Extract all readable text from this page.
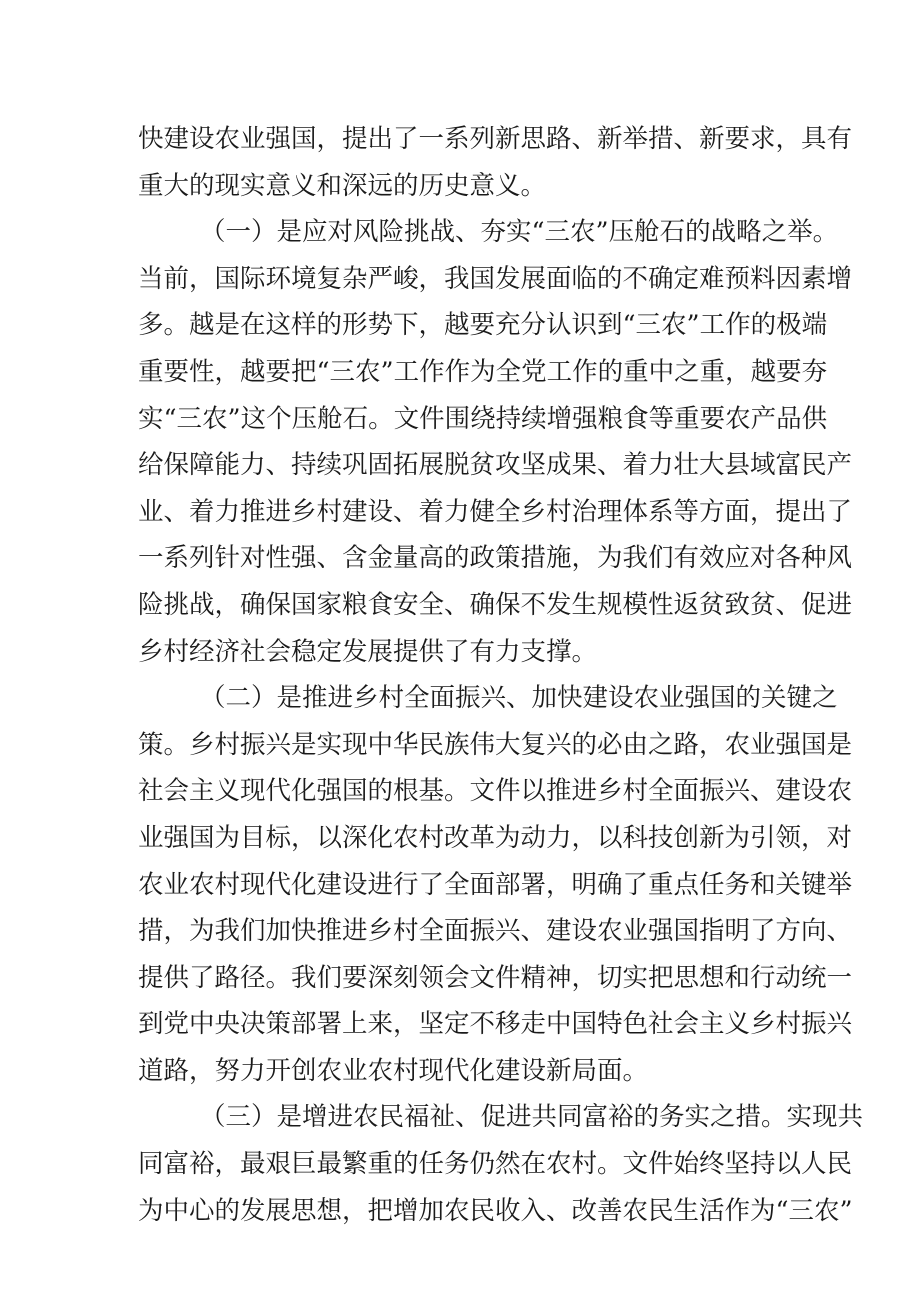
快建设农业强国，提出了一系列新思路、新举措、新要求，具有
重大的现实意义和深远的历史意义。
（一）是应对风险挑战、夯实“三农”压舱石的战略之举。
当前，国际环境复杂严峻，我国发展面临的不确定难预料因素增
多。越是在这样的形势下，越要充分认识到“三农”工作的极端
重要性，越要把“三农”工作作为全党工作的重中之重，越要夯
实“三农”这个压舱石。文件围绕持续增强粮食等重要农产品供
给保障能力、持续巩固拓展脱贫攻坚成果、着力壮大县域富民产
业、着力推进乡村建设、着力健全乡村治理体系等方面，提出了
一系列针对性强、含金量高的政策措施，为我们有效应对各种风
险挑战，确保国家粮食安全、确保不发生规模性返贫致贫、促进
乡村经济社会稳定发展提供了有力支撑。
（二）是推进乡村全面振兴、加快建设农业强国的关键之
策。乡村振兴是实现中华民族伟大复兴的必由之路，农业强国是
社会主义现代化强国的根基。文件以推进乡村全面振兴、建设农
业强国为目标，以深化农村改革为动力，以科技创新为引领，对
农业农村现代化建设进行了全面部署，明确了重点任务和关键举
措，为我们加快推进乡村全面振兴、建设农业强国指明了方向、
提供了路径。我们要深刻领会文件精神，切实把思想和行动统一
到党中央决策部署上来，坚定不移走中国特色社会主义乡村振兴
道路，努力开创农业农村现代化建设新局面。
（三）是增进农民福祉、促进共同富裕的务实之措。实现共
同富裕，最艰巨最繁重的任务仍然在农村。文件始终坚持以人民
为中心的发展思想，把增加农民收入、改善农民生活作为“三农”
